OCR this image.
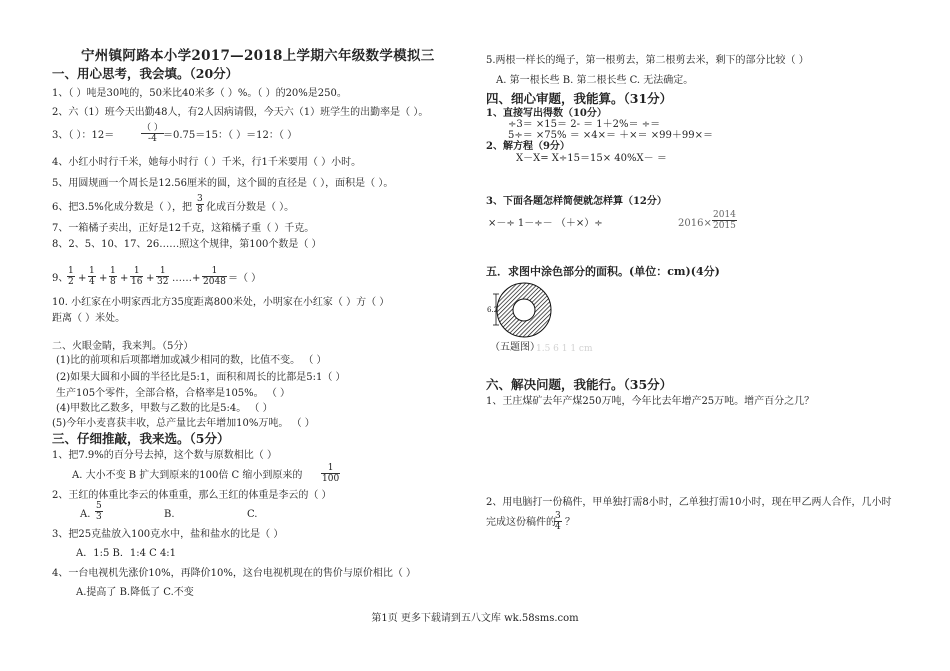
宁州镇阿路本小学2017—2018上学期六年级数学模拟三
一、用心思考，我会填。（20分）
1、（ ）吨是30吨的，50米比40米多（ ）%。（ ）的20%是250。
2、六（1）班今天出勤48人，有2人因病请假，今天六（1）班学生的出勤率是（ ）。
3、（ ）：12＝
（ ）
-4 ＝0.75＝15：（ ）＝12：（ ）
4、小红小时行千米，她每小时行（ ）千米，行1千米要用（ ）小时。
5、用圆规画一个周长是12.56厘米的圆，这个圆的直径是（ ），面积是（ ）。
6、把3.5%化成分数是（ ），把
3
8 化成百分数是（ ）。
7、一箱橘子卖出，正好是12千克，这箱橘子重（ ）千克。
8、2、5、10、17、26……照这个规律，第100个数是（ ）
9、
1
2 +
1
4 +
1
8 +
1
16 +
1
32 ……+
1
2048 ＝（ ）
10. 小红家在小明家西北方35度距离800米处，小明家在小红家（ ）方（ ）
距离（ ）米处。
二、火眼金睛，我来判。（5分）
(1)比的前项和后项都增加或减少相同的数，比值不变。 （ ）
(2)如果大圆和小圆的半径比是5:1，面积和周长的比都是5:1（ ）
生产105个零件，全部合格，合格率是105%。 （ ）
(4)甲数比乙数多，甲数与乙数的比是5:4。 （ ）
(5)今年小麦喜获丰收，总产量比去年增加10%万吨。 （ ）
三、仔细推敲，我来选。（5分）
1、把7.9%的百分号去掉，这个数与原数相比（ ）
A. 大小不变 B 扩大到原来的100倍 C 缩小到原来的
1
100
2、王红的体重比李云的体重重，那么王红的体重是李云的（ ）
A.
5
3	B.	C.
3、把25克盐放入100克水中，盐和盐水的比是（ ）
A．1:5 B．1:4 C 4:1
4、一台电视机先涨价10%，再降价10%，这台电视机现在的售价与原价相比（ ）
A.提高了 B.降低了 C.不变
5.两根一样长的绳子，第一根剪去，第二根剪去米，剩下的部分比较（ ）
A. 第一根长些 B. 第二根长些 C. 无法确定。
四、细心审题，我能算。（31分）
1、直接写出得数（10分）
÷3＝ ×15＝ 2- ＝ 1＋2%＝ ÷＝
5÷＝ ×75% ＝ ×4×＝ ＋×＝ ×99＋99×＝
2、解方程（9分）
X－X= X÷15＝15× 40%X－ ＝
3、下面各题怎样简便就怎样算（12分）
×－÷ 1－÷－ （＋×）÷	2016×
2014
2015
五．求图中涂色部分的面积。(单位：cm)(4分)
6.2
（五题图）
1.5 6 1 1 cm
六、解决问题，我能行。（35分）
1、王庄煤矿去年产煤250万吨，今年比去年增产25万吨。增产百分之几？
2、用电脑打一份稿件，甲单独打需8小时，乙单独打需10小时，现在甲乙两人合作，几小时
完成这份稿件的
3
4 ？
第1页 更多下载请到五八文库 wk.58sms.com
